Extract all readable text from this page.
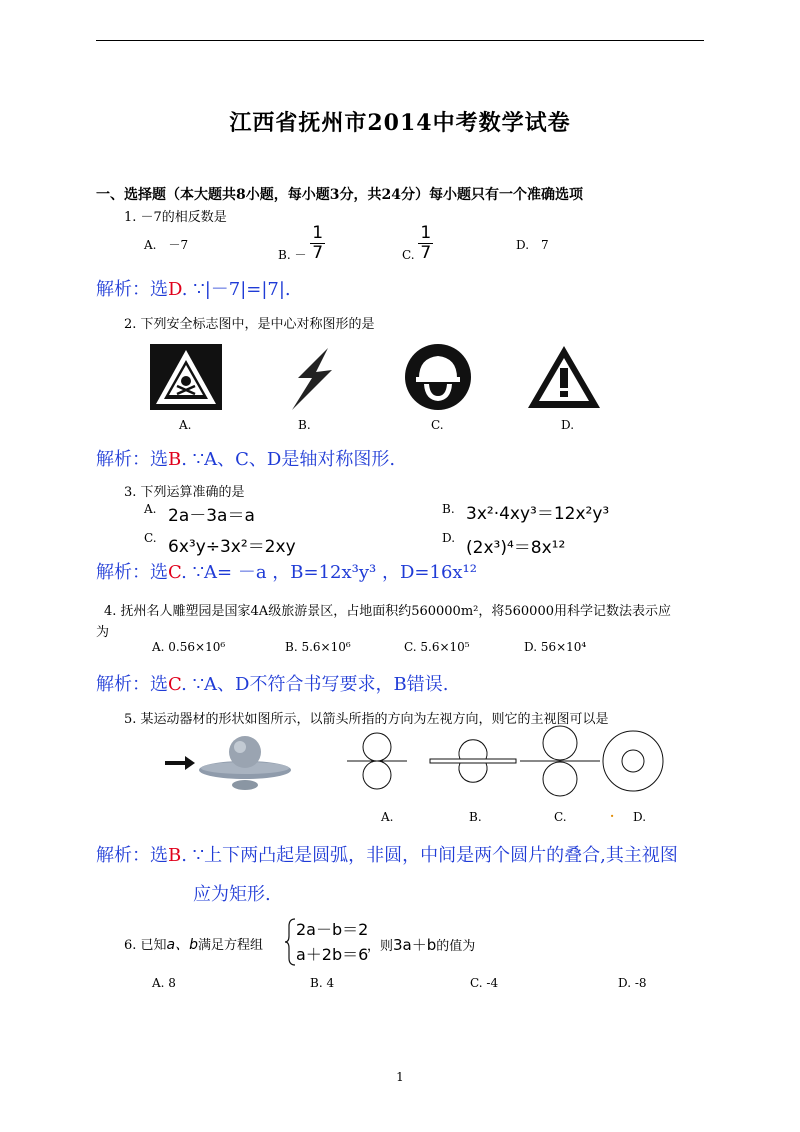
江西省抚州市2014中考数学试卷
一、选择题（本大题共8小题，每小题3分，共24分）每小题只有一个准确选项
1. －7的相反数是
A.　－7
B. － $\frac{1}{7}$	C. $\frac{1}{7}$	D.　7
解析：选D. ∵|－7|=|7|.
2. 下列安全标志图中，是中心对称图形的是
A.	B.	C.	D.
解析：选B. ∵A、C、D是轴对称图形.
3. 下列运算准确的是
A. 2a－3a＝a	B. 3x²·4xy³＝12x²y³
C. 6x³y÷3x²＝2xy	D. (2x³)⁴＝8x¹²
解析：选C. ∵A= －a ，B=12x³y³ ，D=16x¹²
4. 抚州名人雕塑园是国家4A级旅游景区，占地面积约560000m²，将560000用科学记数法表示应
为
A. 0.56×10⁶	B. 5.6×10⁶	C. 5.6×10⁵	D. 56×10⁴
解析：选C. ∵A、D不符合书写要求，B错误.
5. 某运动器材的形状如图所示，以箭头所指的方向为左视方向，则它的主视图可以是
A.	B.	C.	. D.
解析：选B. ∵上下两凸起是圆弧，非圆，中间是两个圆片的叠合,其主视图
应为矩形.
6. 已知a、b满足方程组
2a－b＝2
a＋2b＝6
，则3a＋b的值为
A. 8	B. 4	C. -4	D. -8
1
